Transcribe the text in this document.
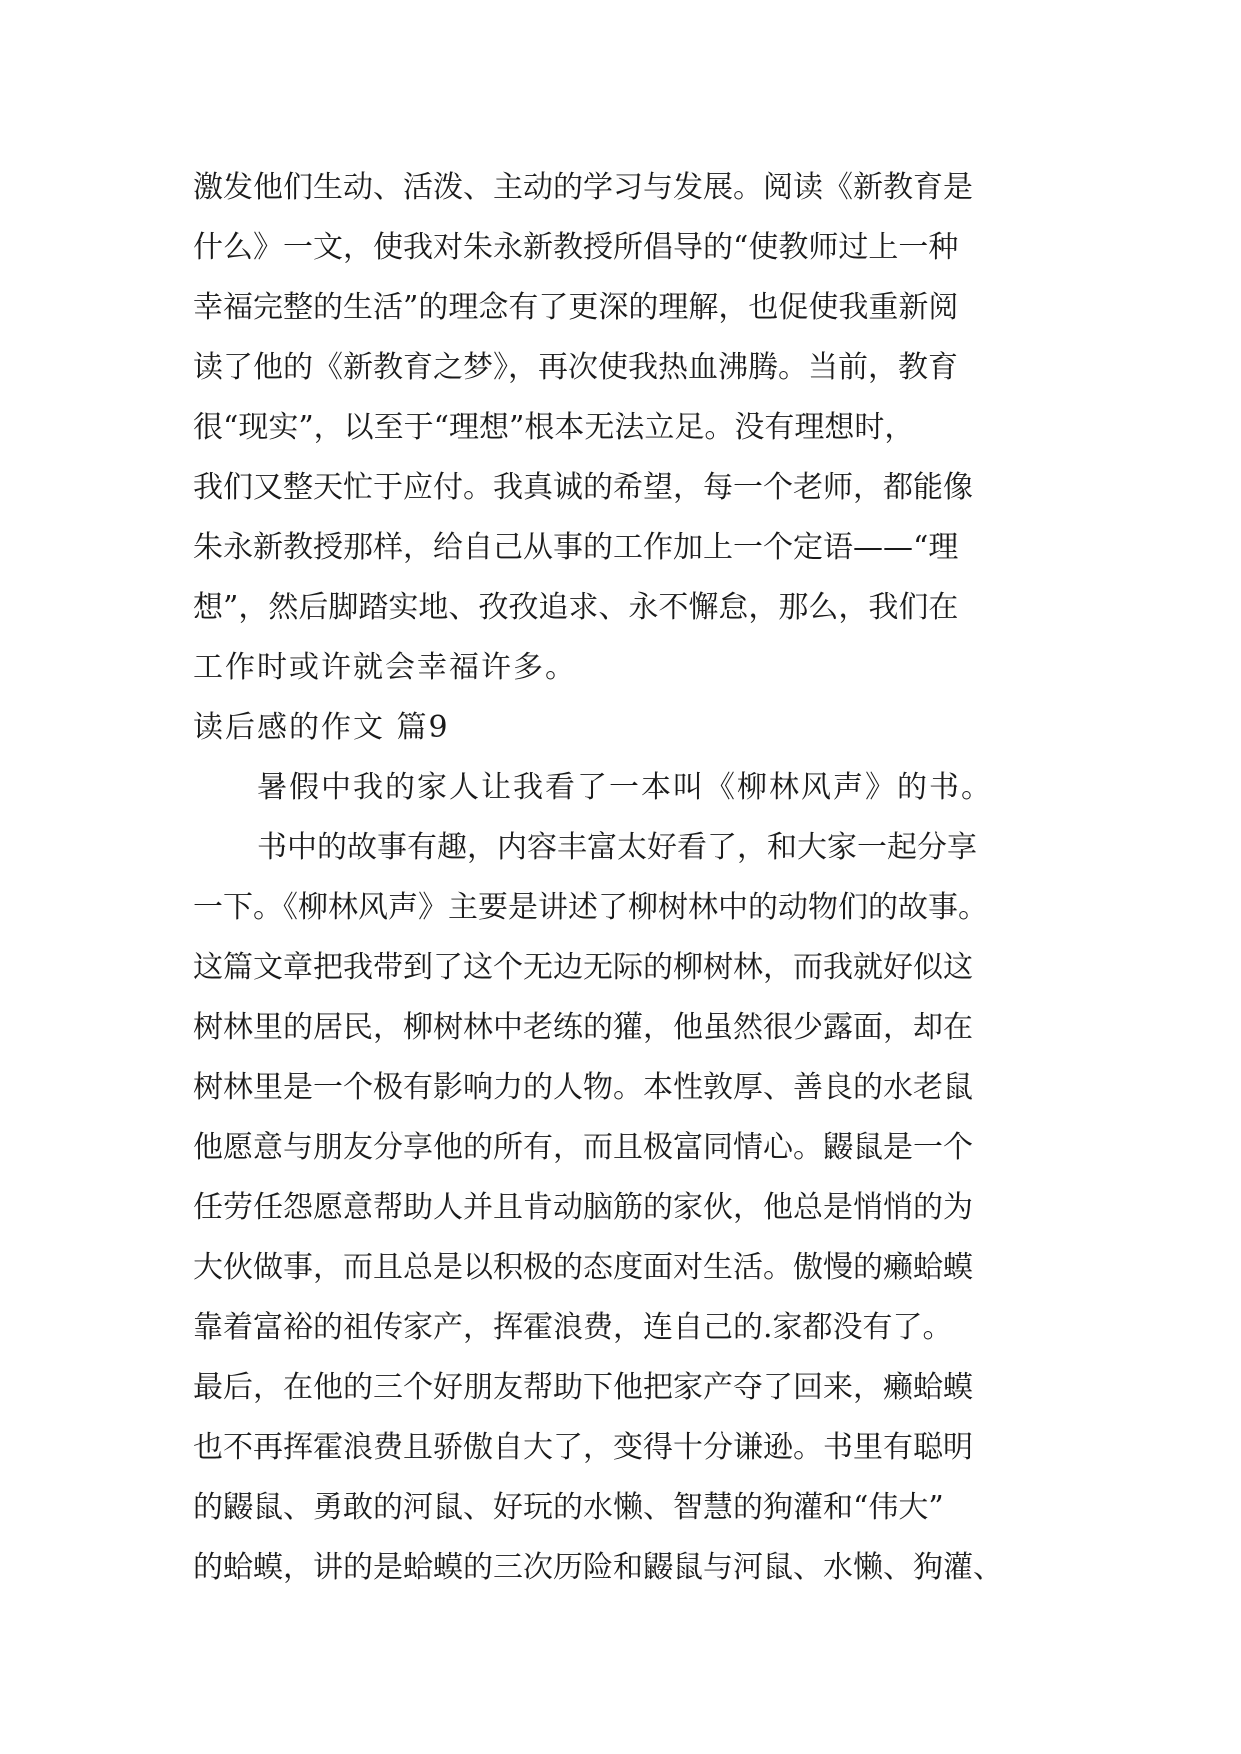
激发他们生动、活泼、主动的学习与发展。阅读《新教育是
什么》一文，使我对朱永新教授所倡导的“使教师过上一种
幸福完整的生活”的理念有了更深的理解，也促使我重新阅
读了他的《新教育之梦》，再次使我热血沸腾。当前，教育
很“现实”，以至于“理想”根本无法立足。没有理想时，
我们又整天忙于应付。我真诚的希望，每一个老师，都能像
朱永新教授那样，给自己从事的工作加上一个定语——“理
想”，然后脚踏实地、孜孜追求、永不懈怠，那么，我们在
工作时或许就会幸福许多。
读后感的作文 篇9
暑假中我的家人让我看了一本叫《柳林风声》的书。
书中的故事有趣，内容丰富太好看了，和大家一起分享
一下。《柳林风声》主要是讲述了柳树林中的动物们的故事。
这篇文章把我带到了这个无边无际的柳树林，而我就好似这
树林里的居民，柳树林中老练的獾，他虽然很少露面，却在
树林里是一个极有影响力的人物。本性敦厚、善良的水老鼠
他愿意与朋友分享他的所有，而且极富同情心。鼹鼠是一个
任劳任怨愿意帮助人并且肯动脑筋的家伙，他总是悄悄的为
大伙做事，而且总是以积极的态度面对生活。傲慢的癞蛤蟆
靠着富裕的祖传家产，挥霍浪费，连自己的.家都没有了。
最后，在他的三个好朋友帮助下他把家产夺了回来，癞蛤蟆
也不再挥霍浪费且骄傲自大了，变得十分谦逊。书里有聪明
的鼹鼠、勇敢的河鼠、好玩的水懒、智慧的狗灌和“伟大”
的蛤蟆，讲的是蛤蟆的三次历险和鼹鼠与河鼠、水懒、狗灌、
